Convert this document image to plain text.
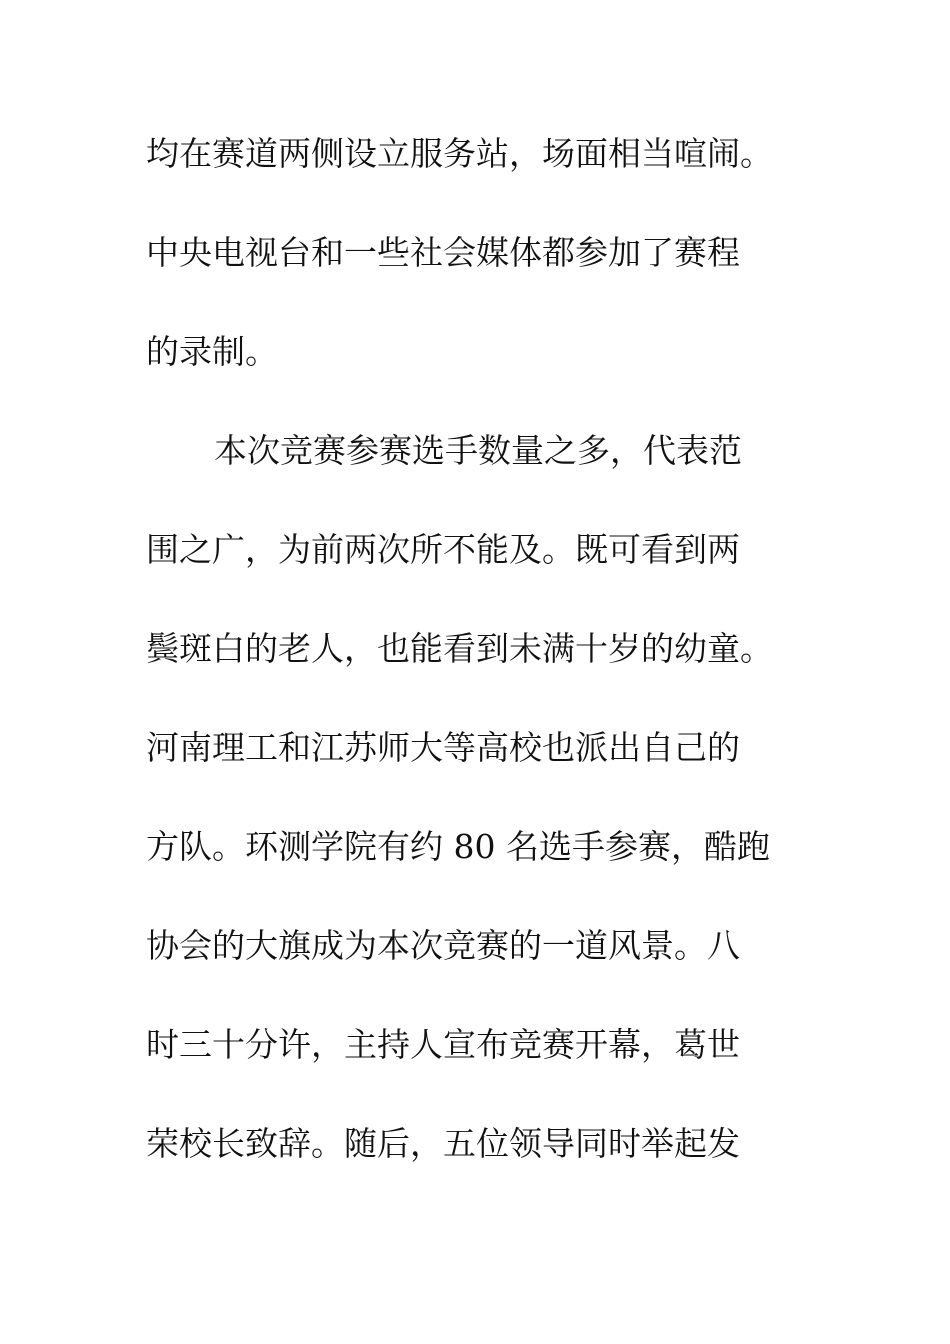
均在赛道两侧设立服务站，场面相当喧闹。
中央电视台和一些社会媒体都参加了赛程
的录制。
本次竞赛参赛选手数量之多，代表范
围之广，为前两次所不能及。既可看到两
鬓斑白的老人，也能看到未满十岁的幼童。
河南理工和江苏师大等高校也派出自己的
方队。环测学院有约 80 名选手参赛，酷跑
协会的大旗成为本次竞赛的一道风景。八
时三十分许，主持人宣布竞赛开幕，葛世
荣校长致辞。随后，五位领导同时举起发
